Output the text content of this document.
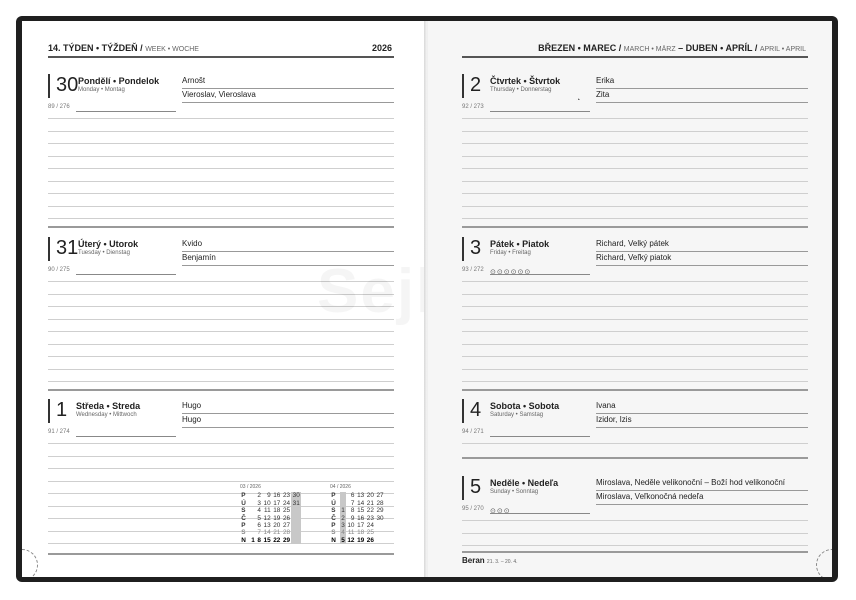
14. TÝDEN • TÝŽDEŇ / WEEK • WOCHE	2026
30 Pondělí • Pondelok
Monday • Montag
89 / 276
Arnošt
Vieroslav, Vieroslava
31 Úterý • Utorok
Tuesday • Dienstag
90 / 275
Kvido
Benjamín
1 Středa • Streda
Wednesday • Mittwoch
91 / 274
Hugo
Hugo
03 / 2026
P		2	9	16	23	30
Ú		3	10	17	24	31
S		4	11	18	25	
Č		5	12	19	26	
P		6	13	20	27	
S		7	14	21	28	
N	1	8	15	22	29	
04 / 2026
P		6	13	20	27
Ú		7	14	21	28
S	1	8	15	22	29
Č	2	9	16	23	30
P	3	10	17	24	
S	4	11	18	25	
N	5	12	19	26	
BŘEZEN • MAREC / MARCH • MÄRZ – DUBEN • APRÍL / APRIL • APRIL
2 Čtvrtek • Štvrtok
Thursday • Donnerstag
92 / 273
Erika
Zita
◔
3 Pátek • Piatok
Friday • Freitag
93 / 272
Richard, Velký pátek
Richard, Veľký piatok
⊙⊙⊙⊙⊙⊙
4 Sobota • Sobota
Saturday • Samstag
94 / 271
Ivana
Izidor, Izis
5 Neděle • Nedeľa
Sunday • Sonntag
95 / 270
Miroslava, Neděle velikonoční – Boží hod velikonoční
Miroslava, Veľkonočná nedeľa
⊙⊙⊙
Beran 21. 3. – 20. 4.
